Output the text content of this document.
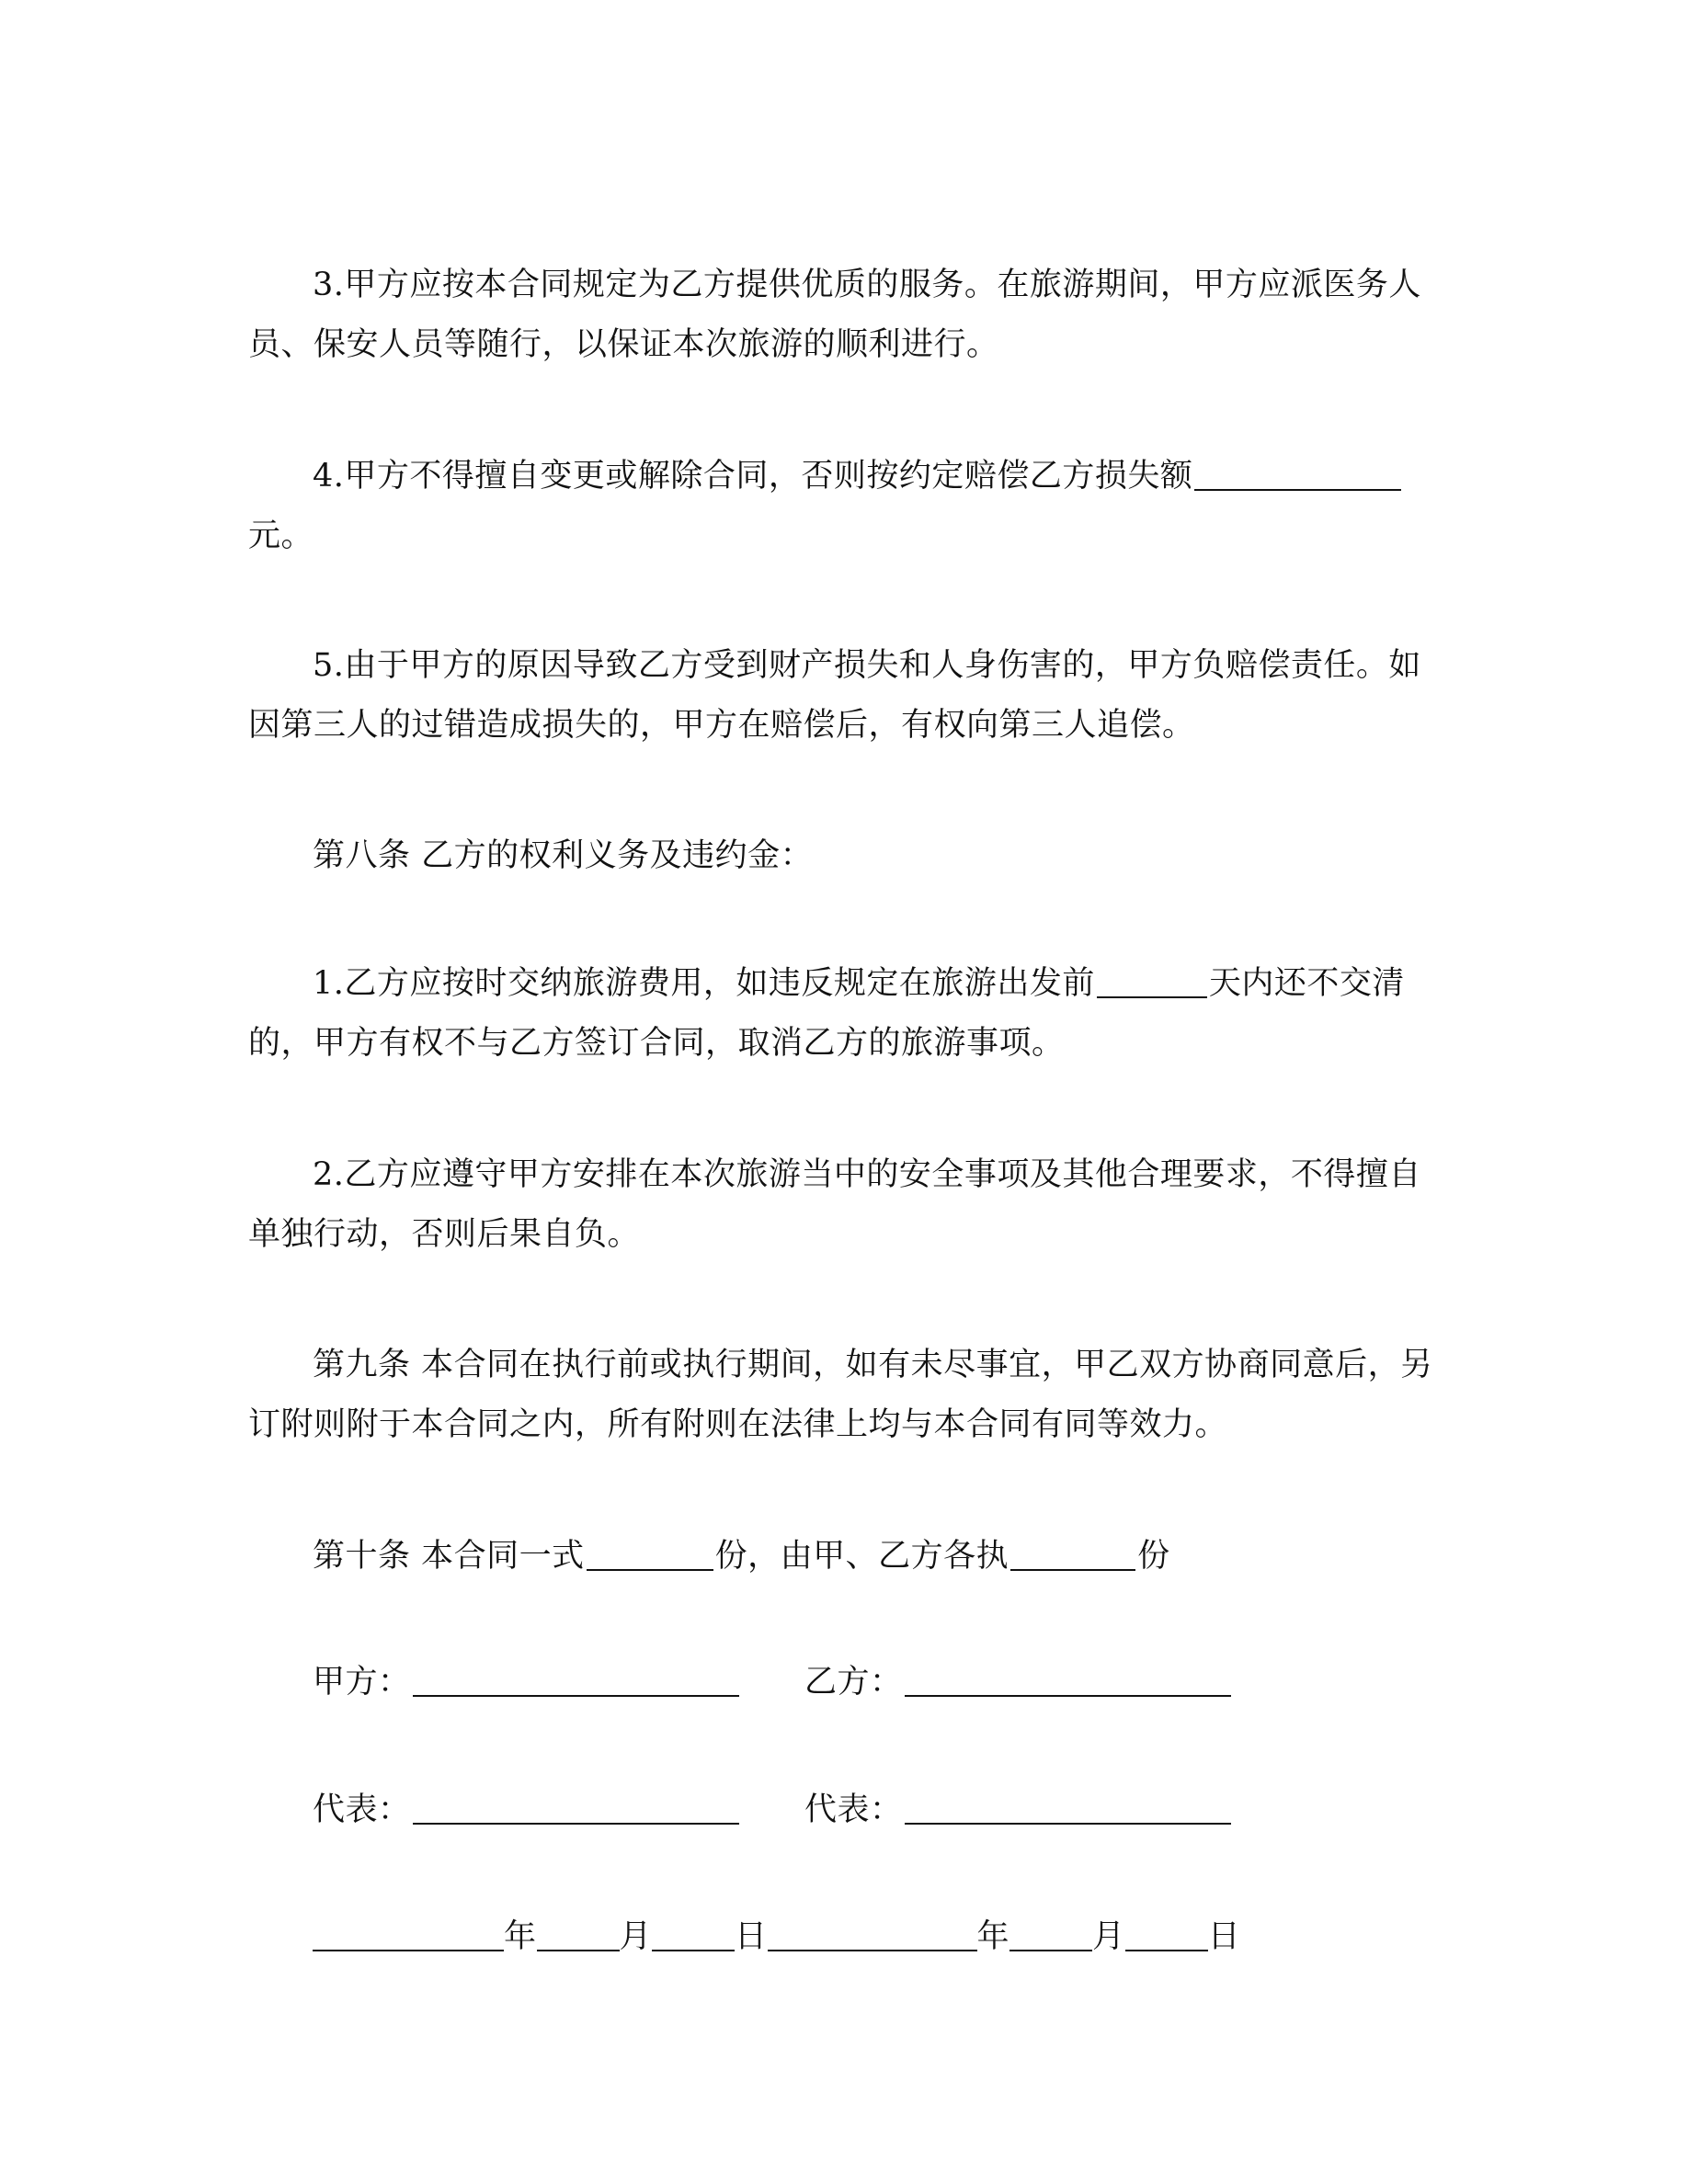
3.甲方应按本合同规定为乙方提供优质的服务。在旅游期间，甲方应派医务人
员、保安人员等随行，以保证本次旅游的顺利进行。
4.甲方不得擅自变更或解除合同，否则按约定赔偿乙方损失额
元。
5.由于甲方的原因导致乙方受到财产损失和人身伤害的，甲方负赔偿责任。如
因第三人的过错造成损失的，甲方在赔偿后，有权向第三人追偿。
第八条 乙方的权利义务及违约金：
1.乙方应按时交纳旅游费用，如违反规定在旅游出发前	天内还不交清
的，甲方有权不与乙方签订合同，取消乙方的旅游事项。
2.乙方应遵守甲方安排在本次旅游当中的安全事项及其他合理要求，不得擅自
单独行动，否则后果自负。
第九条 本合同在执行前或执行期间，如有未尽事宜，甲乙双方协商同意后，另
订附则附于本合同之内，所有附则在法律上均与本合同有同等效力。
第十条 本合同一式	份，由甲、乙方各执	份
甲方：	乙方：
代表：	代表：
年	月	日	年	月	日
